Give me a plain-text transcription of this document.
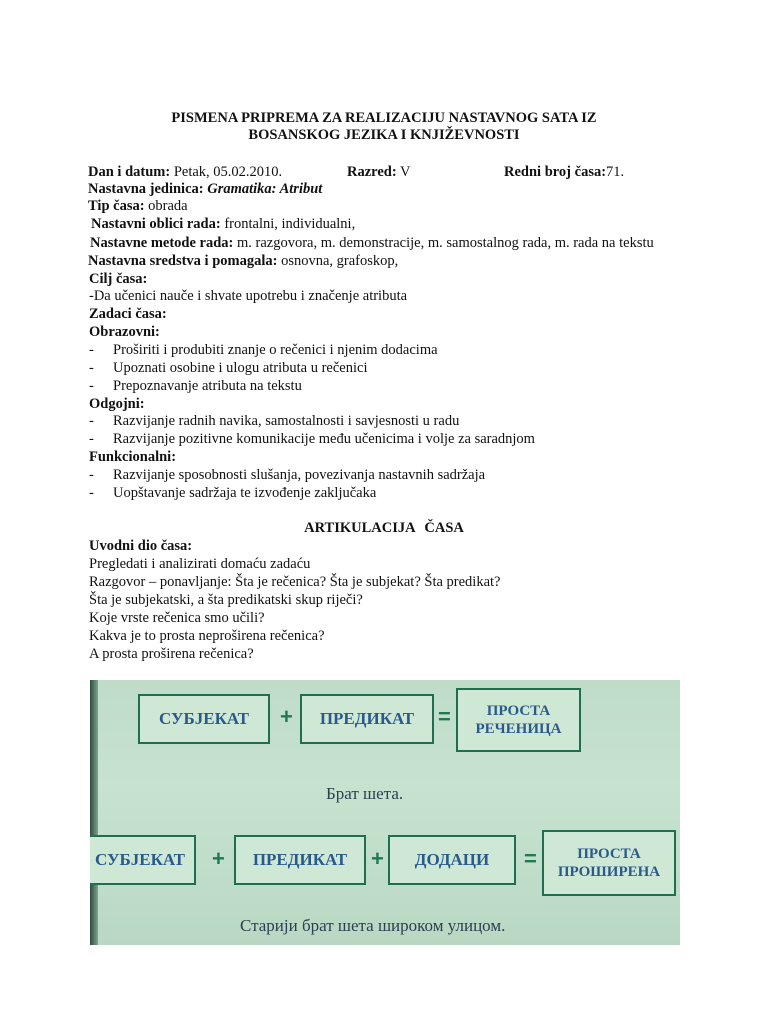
PISMENA PRIPREMA ZA REALIZACIJU NASTAVNOG SATA IZ
BOSANSKOG JEZIKA I KNJIŽEVNOSTI
Dan i datum: Petak, 05.02.2010.	Razred: V	Redni broj časa:71.
Nastavna jedinica: Gramatika: Atribut
Tip časa: obrada
Nastavni oblici rada: frontalni, individualni,
Nastavne metode rada: m. razgovora, m. demonstracije, m. samostalnog rada, m. rada na tekstu
Nastavna sredstva i pomagala: osnovna, grafoskop,
Cilj časa:
-Da učenici nauče i shvate upotrebu i značenje atributa
Zadaci časa:
Obrazovni:
- Proširiti i produbiti znanje o rečenici i njenim dodacima
- Upoznati osobine i ulogu atributa u rečenici
- Prepoznavanje atributa na tekstu
Odgojni:
- Razvijanje radnih navika, samostalnosti i savjesnosti u radu
- Razvijanje pozitivne komunikacije među učenicima i volje za saradnjom
Funkcionalni:
- Razvijanje sposobnosti slušanja, povezivanja nastavnih sadržaja
- Uopštavanje sadržaja te izvođenje zaključaka
ARTIKULACIJA ČASA
Uvodni dio časa:
Pregledati i analizirati domaću zadaću
Razgovor – ponavljanje: Šta je rečenica? Šta je subjekat? Šta predikat?
Šta je subjekatski, a šta predikatski skup riječi?
Koje vrste rečenica smo učili?
Kakva je to prosta neproširena rečenica?
A prosta proširena rečenica?
СУБЈЕКАТ + ПРЕДИКАТ = ПРОСТА
РЕЧЕНИЦА
Брат шета.
СУБЈЕКАТ + ПРЕДИКАТ + ДОДАЦИ =	ПРОСТА
ПРОШИРЕНА
Старији брат шета широком улицом.
